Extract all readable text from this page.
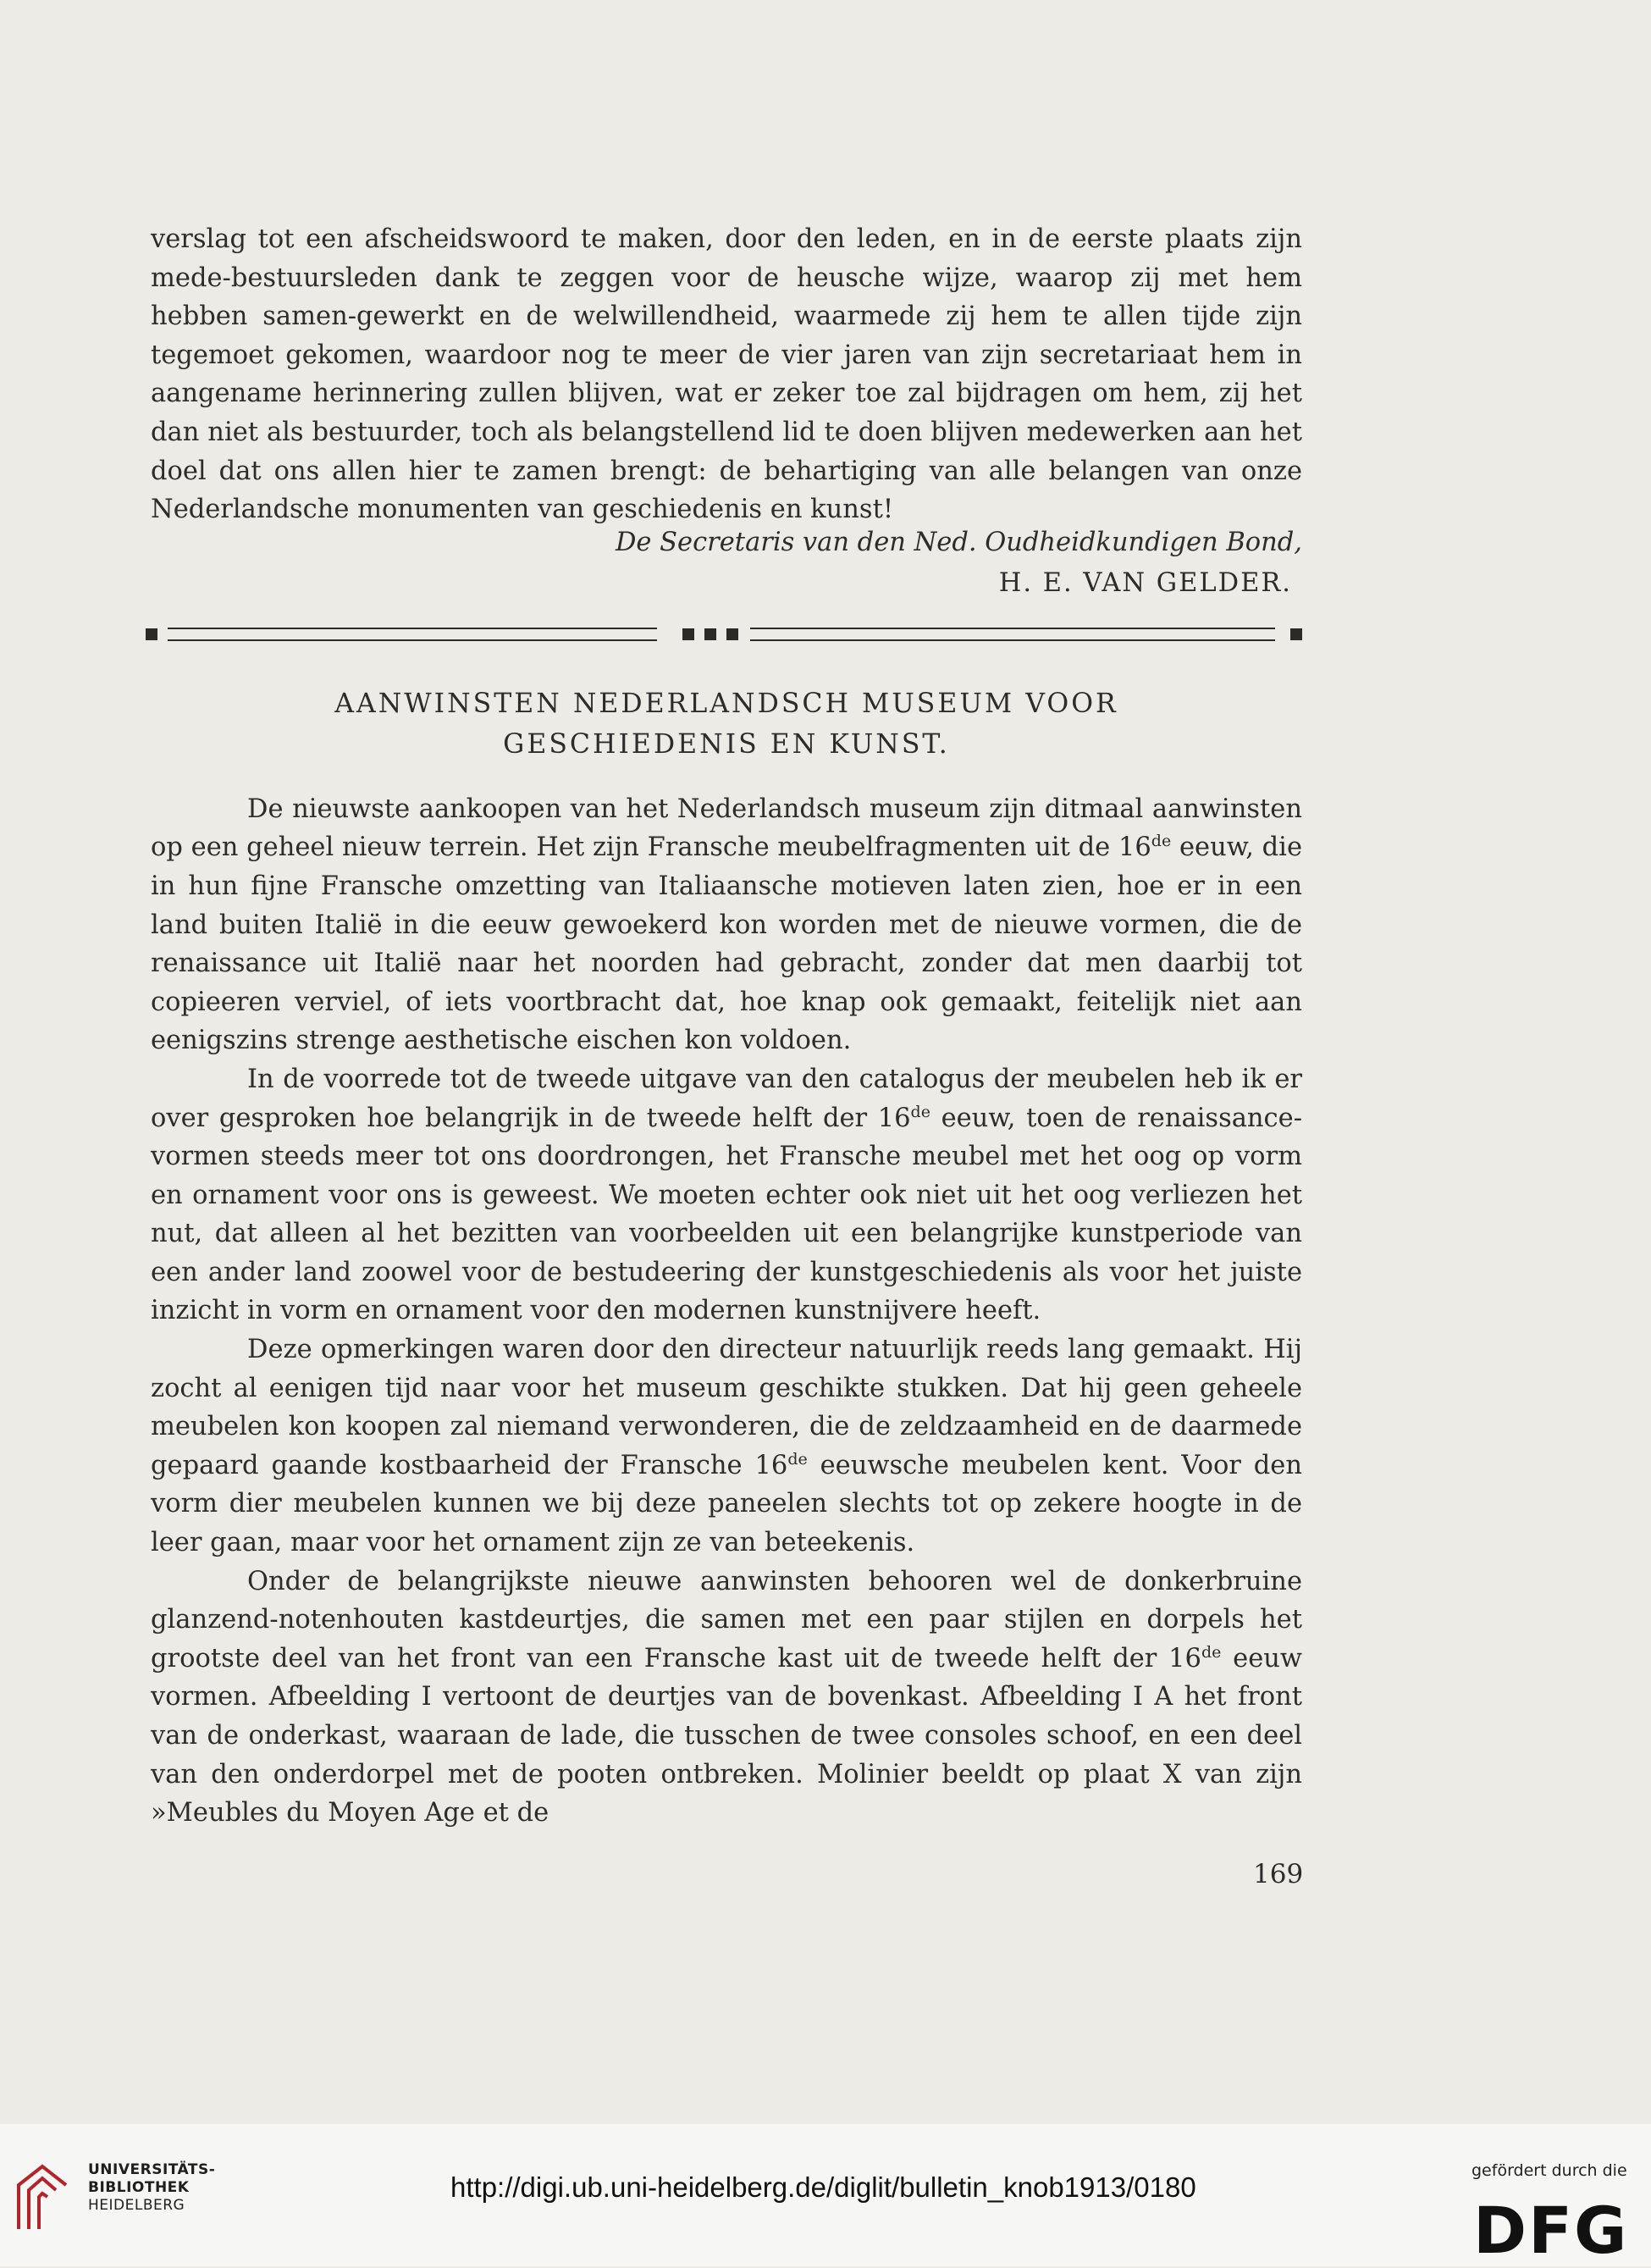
verslag tot een afscheidswoord te maken, door den leden, en in de eerste plaats zijn mede-bestuursleden dank te zeggen voor de heusche wijze, waarop zij met hem hebben samen-gewerkt en de welwillendheid, waarmede zij hem te allen tijde zijn tegemoet gekomen, waardoor nog te meer de vier jaren van zijn secretariaat hem in aangename herinnering zullen blijven, wat er zeker toe zal bijdragen om hem, zij het dan niet als bestuurder, toch als belangstellend lid te doen blijven medewerken aan het doel dat ons allen hier te zamen brengt: de behartiging van alle belangen van onze Nederlandsche monumenten van geschiedenis en kunst!

De Secretaris van den Ned. Oudheidkundigen Bond,
H. E. VAN GELDER.
AANWINSTEN NEDERLANDSCH MUSEUM VOOR
GESCHIEDENIS EN KUNST.

De nieuwste aankoopen van het Nederlandsch museum zijn ditmaal aanwinsten op een geheel nieuw terrein. Het zijn Fransche meubelfragmenten uit de 16de eeuw, die in hun fijne Fransche omzetting van Italiaansche motieven laten zien, hoe er in een land buiten Italië in die eeuw gewoekerd kon worden met de nieuwe vormen, die de renaissance uit Italië naar het noorden had gebracht, zonder dat men daarbij tot copieeren verviel, of iets voortbracht dat, hoe knap ook gemaakt, feitelijk niet aan eenigszins strenge aesthetische eischen kon voldoen.

In de voorrede tot de tweede uitgave van den catalogus der meubelen heb ik er over gesproken hoe belangrijk in de tweede helft der 16de eeuw, toen de renaissance-vormen steeds meer tot ons doordrongen, het Fransche meubel met het oog op vorm en ornament voor ons is geweest. We moeten echter ook niet uit het oog verliezen het nut, dat alleen al het bezitten van voorbeelden uit een belangrijke kunstperiode van een ander land zoowel voor de bestudeering der kunstgeschiedenis als voor het juiste inzicht in vorm en ornament voor den modernen kunstnijvere heeft.

Deze opmerkingen waren door den directeur natuurlijk reeds lang gemaakt. Hij zocht al eenigen tijd naar voor het museum geschikte stukken. Dat hij geen geheele meubelen kon koopen zal niemand verwonderen, die de zeldzaamheid en de daarmede gepaard gaande kostbaarheid der Fransche 16de eeuwsche meubelen kent. Voor den vorm dier meubelen kunnen we bij deze paneelen slechts tot op zekere hoogte in de leer gaan, maar voor het ornament zijn ze van beteekenis.

Onder de belangrijkste nieuwe aanwinsten behooren wel de donkerbruine glanzend-notenhouten kastdeurtjes, die samen met een paar stijlen en dorpels het grootste deel van het front van een Fransche kast uit de tweede helft der 16de eeuw vormen. Afbeelding I vertoont de deurtjes van de bovenkast. Afbeelding I A het front van de onderkast, waaraan de lade, die tusschen de twee consoles schoof, en een deel van den onderdorpel met de pooten ontbreken. Molinier beeldt op plaat X van zijn »Meubles du Moyen Age et de

169
UNIVERSITÄTS-
BIBLIOTHEK
HEIDELBERG
http://digi.ub.uni-heidelberg.de/diglit/bulletin_knob1913/0180
gefördert durch die
DFG
